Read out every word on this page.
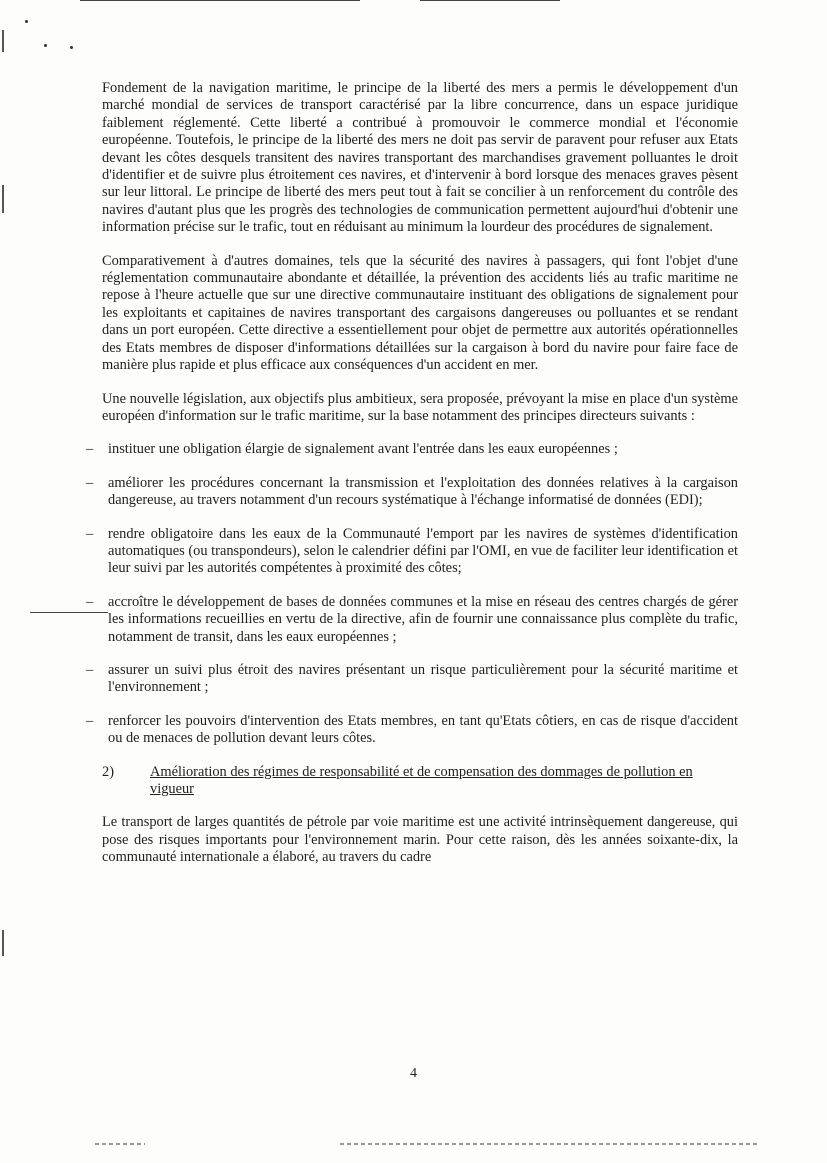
Fondement de la navigation maritime, le principe de la liberté des mers a permis le développement d'un marché mondial de services de transport caractérisé par la libre concurrence, dans un espace juridique faiblement réglementé. Cette liberté a contribué à promouvoir le commerce mondial et l'économie européenne. Toutefois, le principe de la liberté des mers ne doit pas servir de paravent pour refuser aux Etats devant les côtes desquels transitent des navires transportant des marchandises gravement polluantes le droit d'identifier et de suivre plus étroitement ces navires, et d'intervenir à bord lorsque des menaces graves pèsent sur leur littoral. Le principe de liberté des mers peut tout à fait se concilier à un renforcement du contrôle des navires d'autant plus que les progrès des technologies de communication permettent aujourd'hui d'obtenir une information précise sur le trafic, tout en réduisant au minimum la lourdeur des procédures de signalement.

Comparativement à d'autres domaines, tels que la sécurité des navires à passagers, qui font l'objet d'une réglementation communautaire abondante et détaillée, la prévention des accidents liés au trafic maritime ne repose à l'heure actuelle que sur une directive communautaire instituant des obligations de signalement pour les exploitants et capitaines de navires transportant des cargaisons dangereuses ou polluantes et se rendant dans un port européen. Cette directive a essentiellement pour objet de permettre aux autorités opérationnelles des Etats membres de disposer d'informations détaillées sur la cargaison à bord du navire pour faire face de manière plus rapide et plus efficace aux conséquences d'un accident en mer.

Une nouvelle législation, aux objectifs plus ambitieux, sera proposée, prévoyant la mise en place d'un système européen d'information sur le trafic maritime, sur la base notamment des principes directeurs suivants :

– instituer une obligation élargie de signalement avant l'entrée dans les eaux européennes ;
– améliorer les procédures concernant la transmission et l'exploitation des données relatives à la cargaison dangereuse, au travers notamment d'un recours systématique à l'échange informatisé de données (EDI);
– rendre obligatoire dans les eaux de la Communauté l'emport par les navires de systèmes d'identification automatiques (ou transpondeurs), selon le calendrier défini par l'OMI, en vue de faciliter leur identification et leur suivi par les autorités compétentes à proximité des côtes;
– accroître le développement de bases de données communes et la mise en réseau des centres chargés de gérer les informations recueillies en vertu de la directive, afin de fournir une connaissance plus complète du trafic, notamment de transit, dans les eaux européennes ;
– assurer un suivi plus étroit des navires présentant un risque particulièrement pour la sécurité maritime et l'environnement ;
– renforcer les pouvoirs d'intervention des Etats membres, en tant qu'Etats côtiers, en cas de risque d'accident ou de menaces de pollution devant leurs côtes.
2)	Amélioration des régimes de responsabilité et de compensation des dommages de pollution en vigueur

Le transport de larges quantités de pétrole par voie maritime est une activité intrinsèquement dangereuse, qui pose des risques importants pour l'environnement marin. Pour cette raison, dès les années soixante-dix, la communauté internationale a élaboré, au travers du cadre

4
